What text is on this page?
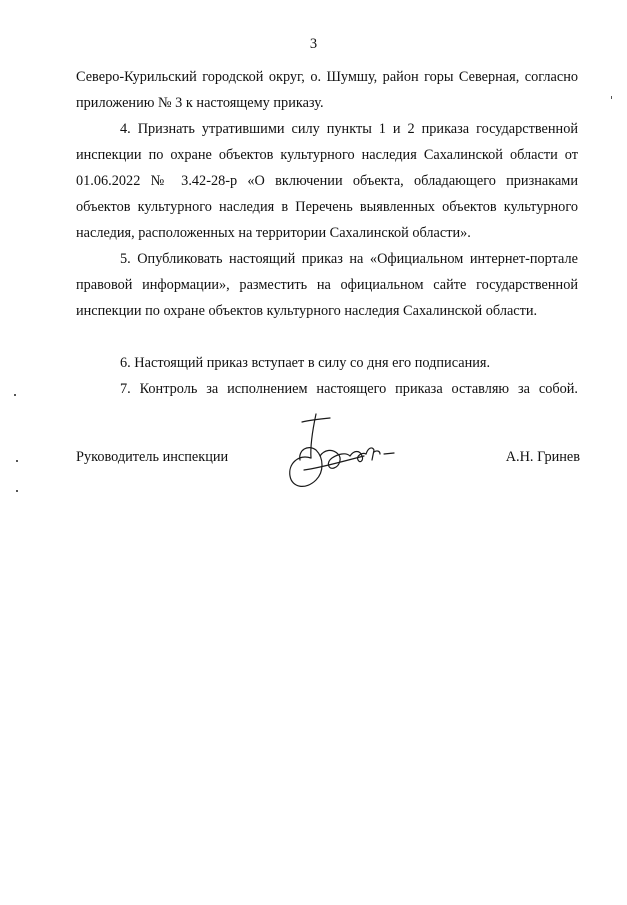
3

Северо-Курильский городской округ, о. Шумшу, район горы Северная, согласно приложению № 3 к настоящему приказу.

4. Признать утратившими силу пункты 1 и 2 приказа государственной инспекции по охране объектов культурного наследия Сахалинской области от 01.06.2022 № 3.42-28-р «О включении объекта, обладающего признаками объектов культурного наследия в Перечень выявленных объектов культурного наследия, расположенных на территории Сахалинской области».

5. Опубликовать настоящий приказ на «Официальном интернет-портале правовой информации», разместить на официальном сайте государственной инспекции по охране объектов культурного наследия Сахалинской области.

6. Настоящий приказ вступает в силу со дня его подписания.

7. Контроль за исполнением настоящего приказа оставляю за собой.

Руководитель инспекции	А.Н. Гринев
